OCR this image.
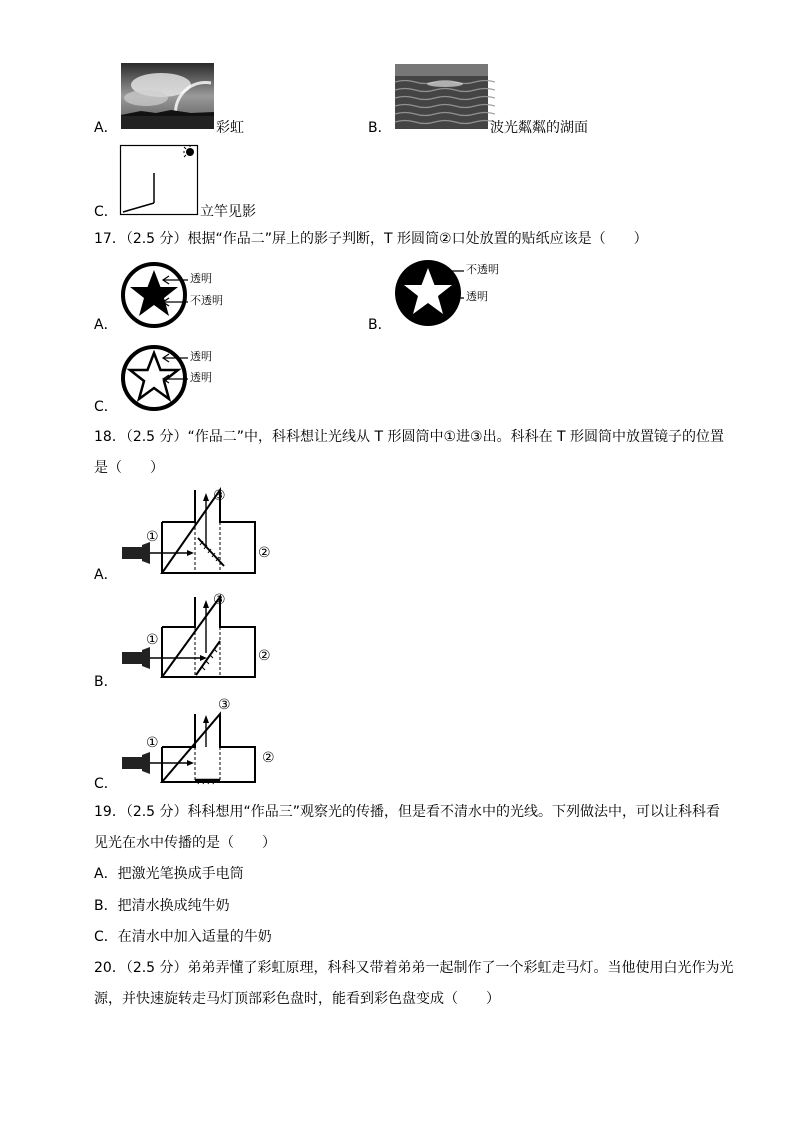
A．	彩虹	B．	波光粼粼的湖面
C．	立竿见影
17．（2.5 分）根据“作品二”屏上的影子判断，T 形圆筒②口处放置的贴纸应该是（　　）
A．
透明
不透明
B．
不透明
透明
C．
透明
透明
18．（2.5 分）“作品二”中，科科想让光线从 T 形圆筒中①进③出。科科在 T 形圆筒中放置镜子的位置
是（　　）
A．
③
①
②
B．
③
①
②
C．
③
①
②
19．（2.5 分）科科想用“作品三”观察光的传播，但是看不清水中的光线。下列做法中，可以让科科看
见光在水中传播的是（　　）
A．把激光笔换成手电筒
B．把清水换成纯牛奶
C．在清水中加入适量的牛奶
20．（2.5 分）弟弟弄懂了彩虹原理，科科又带着弟弟一起制作了一个彩虹走马灯。当他使用白光作为光
源，并快速旋转走马灯顶部彩色盘时，能看到彩色盘变成（　　）
